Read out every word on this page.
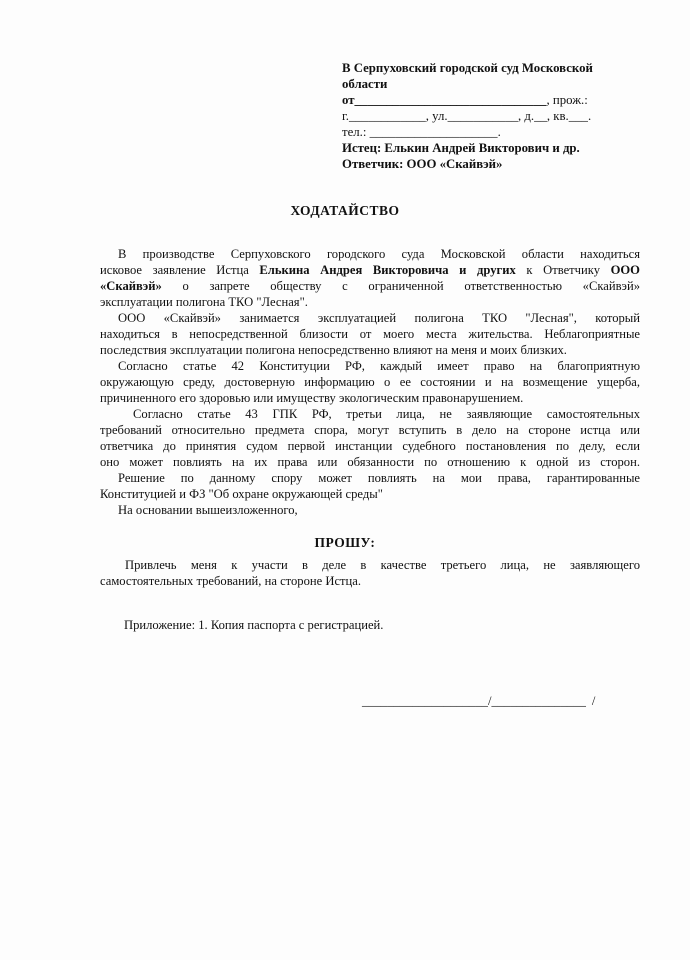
В Серпуховский городской суд Московской
области
от______________________________, прож.:
г.____________, ул.___________, д.__, кв.___.
тел.: ____________________.
Истец: Елькин Андрей Викторович и др.
Ответчик: ООО «Скайвэй»
ХОДАТАЙСТВО
В производстве Серпуховского городского суда Московской области находиться
исковое заявление Истца Елькина Андрея Викторовича и других к Ответчику ООО
«Скайвэй» о запрете обществу с ограниченной ответственностью «Скайвэй»
эксплуатации полигона ТКО "Лесная".
ООО «Скайвэй» занимается эксплуатацией полигона ТКО "Лесная", который
находиться в непосредственной близости от моего места жительства. Неблагоприятные
последствия эксплуатации полигона непосредственно влияют на меня и моих близких.
Согласно статье 42 Конституции РФ, каждый имеет право на благоприятную
окружающую среду, достоверную информацию о ее состоянии и на возмещение ущерба,
причиненного его здоровью или имуществу экологическим правонарушением.
Согласно статье 43 ГПК РФ, третьи лица, не заявляющие самостоятельных
требований относительно предмета спора, могут вступить в дело на стороне истца или
ответчика до принятия судом первой инстанции судебного постановления по делу, если
оно может повлиять на их права или обязанности по отношению к одной из сторон.
Решение по данному спору может повлиять на мои права, гарантированные
Конституцией и ФЗ "Об охране окружающей среды"
На основании вышеизложенного,
ПРОШУ:
Привлечь меня к участи в деле в качестве третьего лица, не заявляющего
самостоятельных требований, на стороне Истца.
Приложение: 1. Копия паспорта с регистрацией.
____________________/_______________ /
